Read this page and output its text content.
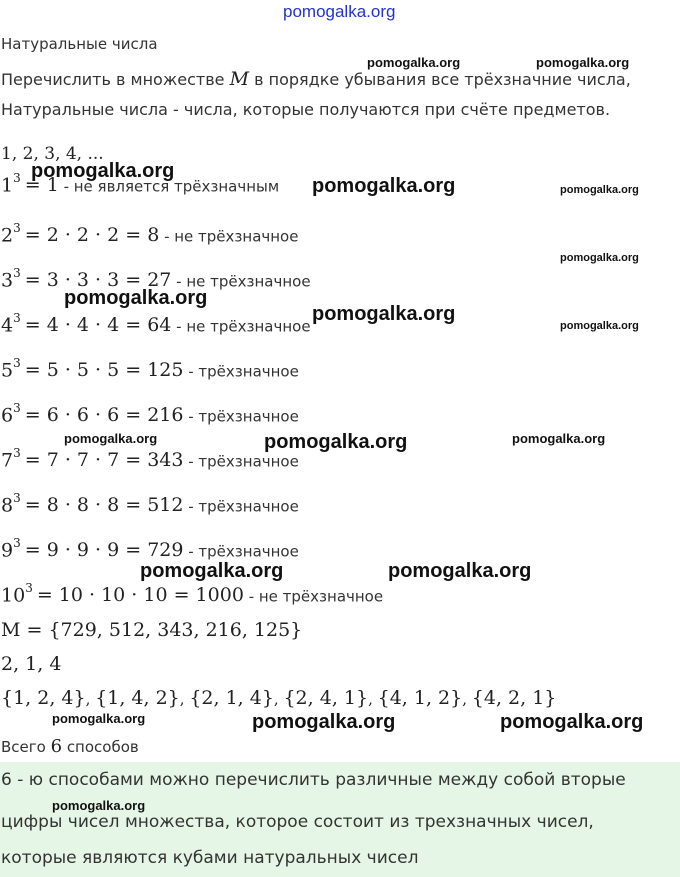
pomogalka.org
Натуральные числа
Перечислить в множестве M в порядке убывания все трёхзначние числа,
Натуральные числа - числа, которые получаются при счёте предметов.
1, 2, 3, 4, ...
$1^3 = 1$ - не является трёхзначным
$2^3 = 2 \cdot 2 \cdot 2 = 8$ - не трёхзначное
$3^3 = 3 \cdot 3 \cdot 3 = 27$ - не трёхзначное
$4^3 = 4 \cdot 4 \cdot 4 = 64$ - не трёхзначное
$5^3 = 5 \cdot 5 \cdot 5 = 125$ - трёхзначное
$6^3 = 6 \cdot 6 \cdot 6 = 216$ - трёхзначное
$7^3 = 7 \cdot 7 \cdot 7 = 343$ - трёхзначное
$8^3 = 8 \cdot 8 \cdot 8 = 512$ - трёхзначное
$9^3 = 9 \cdot 9 \cdot 9 = 729$ - трёхзначное
$10^3 = 10 \cdot 10 \cdot 10 = 1000$ - не трёхзначное
M = {729, 512, 343, 216, 125}
2, 1, 4
{1, 2, 4}, {1, 4, 2}, {2, 1, 4}, {2, 4, 1}, {4, 1, 2}, {4, 2, 1}
Всего 6 способов
6 - ю способами можно перечислить различные между собой вторые
цифры чисел множества, которое состоит из трехзначных чисел,
которые являются кубами натуральных чисел
pomogalka.org	pomogalka.org
pomogalka.org
pomogalka.org	pomogalka.org
pomogalka.org
pomogalka.org
pomogalka.org
pomogalka.org
pomogalka.org	pomogalka.org	pomogalka.org
pomogalka.org	pomogalka.org
pomogalka.org	pomogalka.org	pomogalka.org
pomogalka.org
